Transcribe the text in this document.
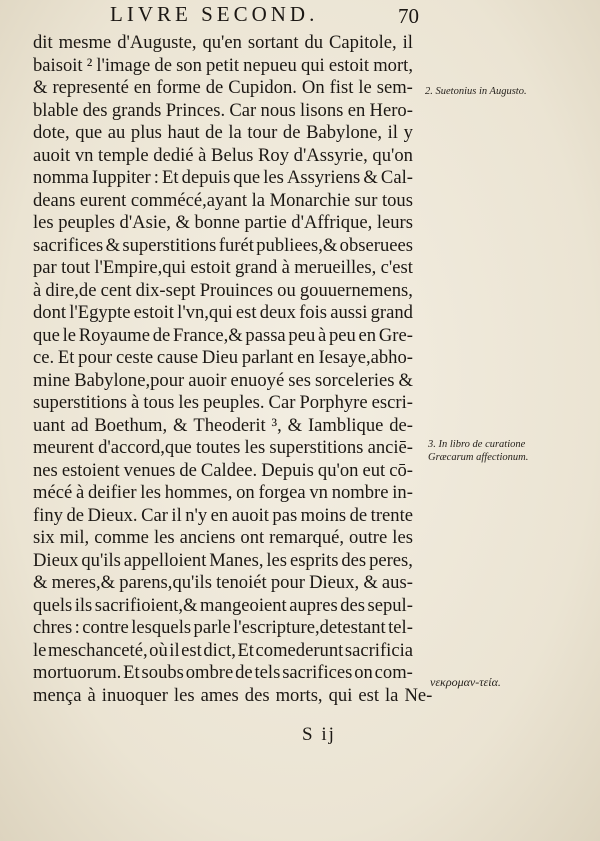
LIVRE SECOND.	70
dit mesme d'Auguste, qu'en sortant du Capitole, il
baisoit ² l'image de son petit nepueu qui estoit mort,
& representé en forme de Cupidon. On fist le sem-
blable des grands Princes. Car nous lisons en Hero-
dote, que au plus haut de la tour de Babylone, il y
auoit vn temple dedié à Belus Roy d'Assyrie, qu'on
nomma Iuppiter : Et depuis que les Assyriens & Cal-
deans eurent commécé,ayant la Monarchie sur tous
les peuples d'Asie, & bonne partie d'Affrique, leurs
sacrifices & superstitions furét publiees,& obseruees
par tout l'Empire,qui estoit grand à merueilles, c'est
à dire,de cent dix-sept Prouinces ou gouuernemens,
dont l'Egypte estoit l'vn,qui est deux fois aussi grand
que le Royaume de France,& passa peu à peu en Gre-
ce. Et pour ceste cause Dieu parlant en Iesaye,abho-
mine Babylone,pour auoir enuoyé ses sorceleries &
superstitions à tous les peuples. Car Porphyre escri-
uant ad Boethum, & Theoderit ³, & Iamblique de-
meurent d'accord,que toutes les superstitions anciē-
nes estoient venues de Caldee. Depuis qu'on eut cō-
mécé à deifier les hommes, on forgea vn nombre in-
finy de Dieux. Car il n'y en auoit pas moins de trente
six mil, comme les anciens ont remarqué, outre les
Dieux qu'ils appelloient Manes, les esprits des peres,
& meres,& parens,qu'ils tenoiét pour Dieux, & aus-
quels ils sacrifioient,& mangeoient aupres des sepul-
chres : contre lesquels parle l'escripture,detestant tel-
le meschanceté, où il est dict, Et comederunt sacrificia
mortuorum. Et soubs ombre de tels sacrifices on com-
mença à inuoquer les ames des morts, qui est la Ne-
2. Suetonius in Augusto.
3. In libro de curatione Græcarum affectionum.
νεκρομαν-τεία.
S ij
